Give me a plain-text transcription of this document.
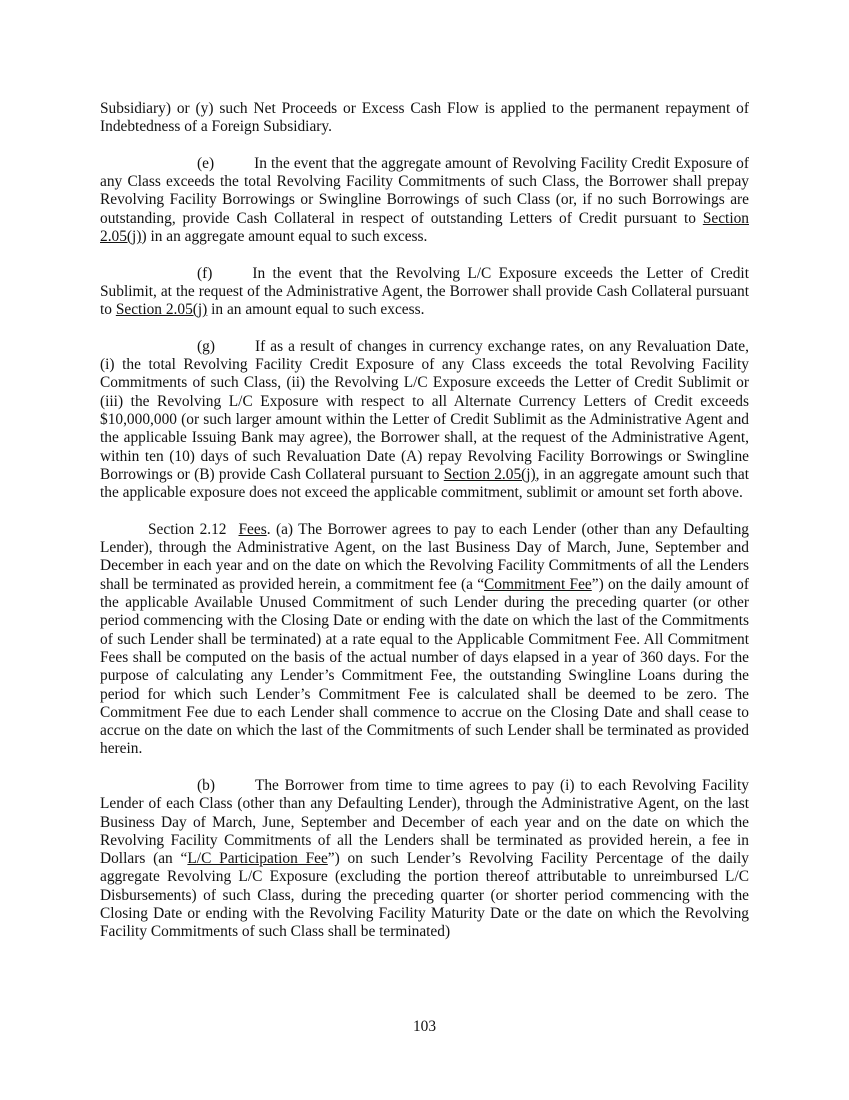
Subsidiary) or (y) such Net Proceeds or Excess Cash Flow is applied to the permanent repayment of Indebtedness of a Foreign Subsidiary.

(e)	In the event that the aggregate amount of Revolving Facility Credit Exposure of any Class exceeds the total Revolving Facility Commitments of such Class, the Borrower shall prepay Revolving Facility Borrowings or Swingline Borrowings of such Class (or, if no such Borrowings are outstanding, provide Cash Collateral in respect of outstanding Letters of Credit pursuant to Section 2.05(j)) in an aggregate amount equal to such excess.

(f)	In the event that the Revolving L/C Exposure exceeds the Letter of Credit Sublimit, at the request of the Administrative Agent, the Borrower shall provide Cash Collateral pursuant to Section 2.05(j) in an amount equal to such excess.

(g)	If as a result of changes in currency exchange rates, on any Revaluation Date, (i) the total Revolving Facility Credit Exposure of any Class exceeds the total Revolving Facility Commitments of such Class, (ii) the Revolving L/C Exposure exceeds the Letter of Credit Sublimit or (iii) the Revolving L/C Exposure with respect to all Alternate Currency Letters of Credit exceeds $10,000,000 (or such larger amount within the Letter of Credit Sublimit as the Administrative Agent and the applicable Issuing Bank may agree), the Borrower shall, at the request of the Administrative Agent, within ten (10) days of such Revaluation Date (A) repay Revolving Facility Borrowings or Swingline Borrowings or (B) provide Cash Collateral pursuant to Section 2.05(j), in an aggregate amount such that the applicable exposure does not exceed the applicable commitment, sublimit or amount set forth above.

Section 2.12 Fees. (a) The Borrower agrees to pay to each Lender (other than any Defaulting Lender), through the Administrative Agent, on the last Business Day of March, June, September and December in each year and on the date on which the Revolving Facility Commitments of all the Lenders shall be terminated as provided herein, a commitment fee (a “Commitment Fee”) on the daily amount of the applicable Available Unused Commitment of such Lender during the preceding quarter (or other period commencing with the Closing Date or ending with the date on which the last of the Commitments of such Lender shall be terminated) at a rate equal to the Applicable Commitment Fee. All Commitment Fees shall be computed on the basis of the actual number of days elapsed in a year of 360 days. For the purpose of calculating any Lender’s Commitment Fee, the outstanding Swingline Loans during the period for which such Lender’s Commitment Fee is calculated shall be deemed to be zero. The Commitment Fee due to each Lender shall commence to accrue on the Closing Date and shall cease to accrue on the date on which the last of the Commitments of such Lender shall be terminated as provided herein.

(b)	The Borrower from time to time agrees to pay (i) to each Revolving Facility Lender of each Class (other than any Defaulting Lender), through the Administrative Agent, on the last Business Day of March, June, September and December of each year and on the date on which the Revolving Facility Commitments of all the Lenders shall be terminated as provided herein, a fee in Dollars (an “L/C Participation Fee”) on such Lender’s Revolving Facility Percentage of the daily aggregate Revolving L/C Exposure (excluding the portion thereof attributable to unreimbursed L/C Disbursements) of such Class, during the preceding quarter (or shorter period commencing with the Closing Date or ending with the Revolving Facility Maturity Date or the date on which the Revolving Facility Commitments of such Class shall be terminated)

103
